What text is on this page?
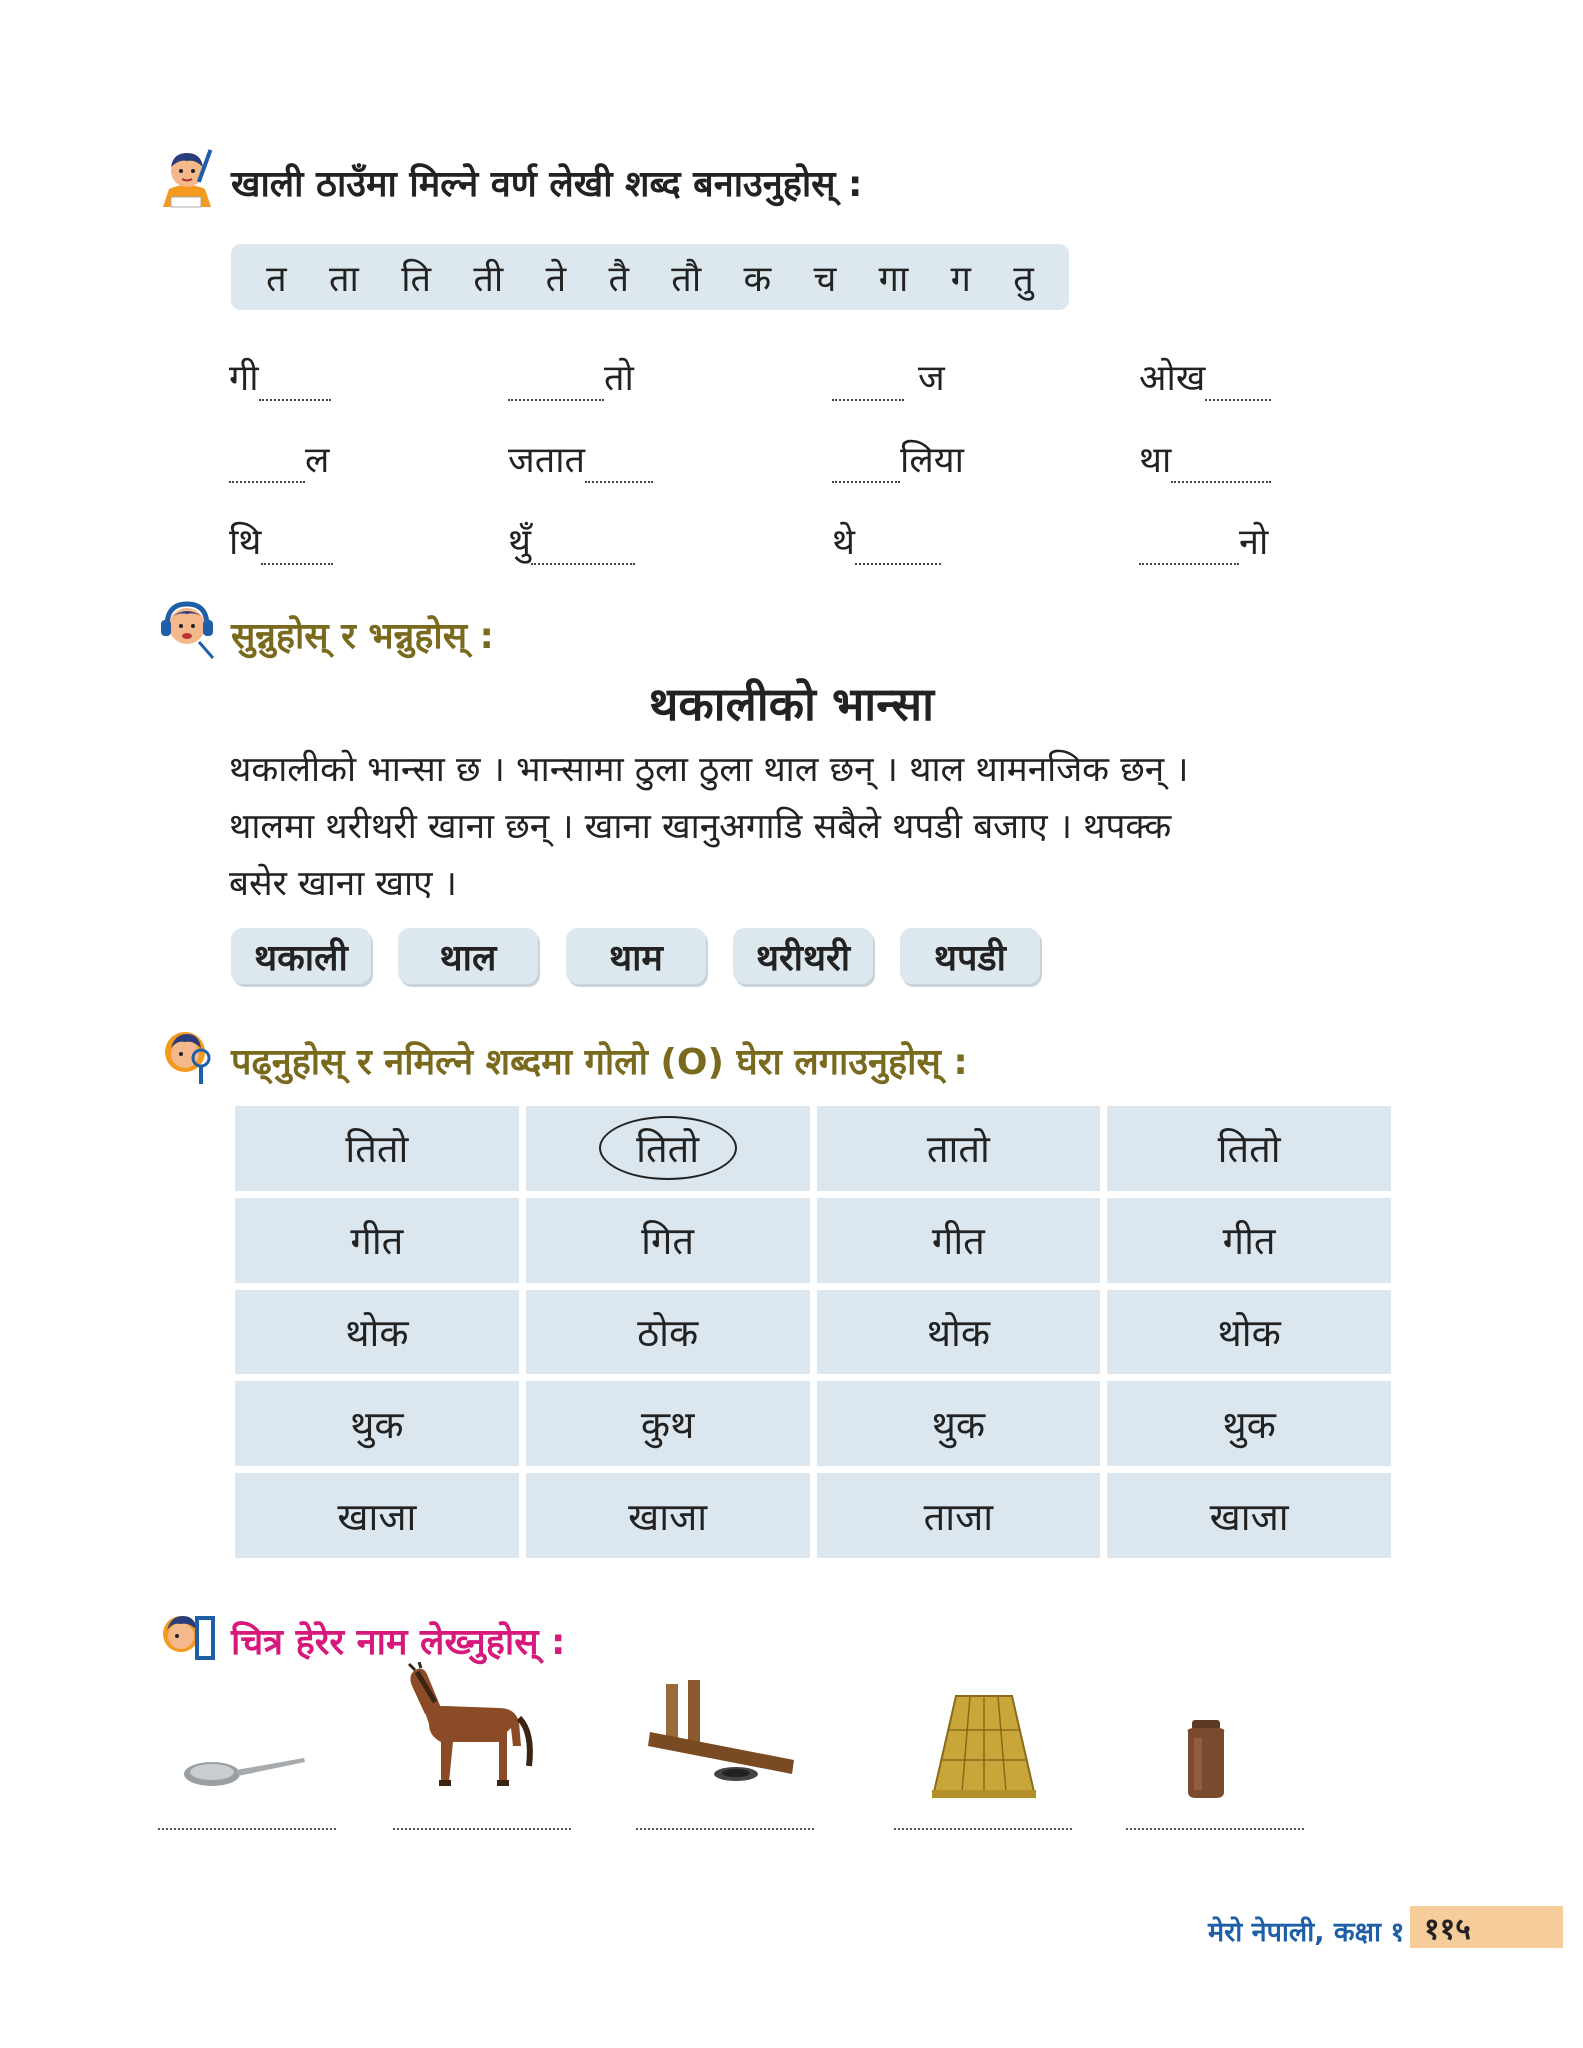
खाली ठाउँमा मिल्ने वर्ण लेखी शब्द बनाउनुहोस् :
त ता ति ती ते तै तौ क च गा ग तु
गी	तो	ज	ओख
ल	जतात	लिया	था
थि	थुँ	थे	नो
सुन्नुहोस् र भन्नुहोस् :
थकालीको भान्सा

थकालीको भान्सा छ । भान्सामा ठुला ठुला थाल छन् । थाल थामनजिक छन् ।

थालमा थरीथरी खाना छन् । खाना खानुअगाडि सबैले थपडी बजाए । थपक्क

बसेर खाना खाए ।

थकाली	थाल	थाम	थरीथरी	थपडी
पढ्नुहोस् र नमिल्ने शब्दमा गोलो (O) घेरा लगाउनुहोस् :
तितो	तितो	तातो	तितो
गीत	गित	गीत	गीत
थोक	ठोक	थोक	थोक
थुक	कुथ	थुक	थुक
खाजा	खाजा	ताजा	खाजा
चित्र हेरेर नाम लेख्नुहोस् :
मेरो नेपाली, कक्षा १ ११५
